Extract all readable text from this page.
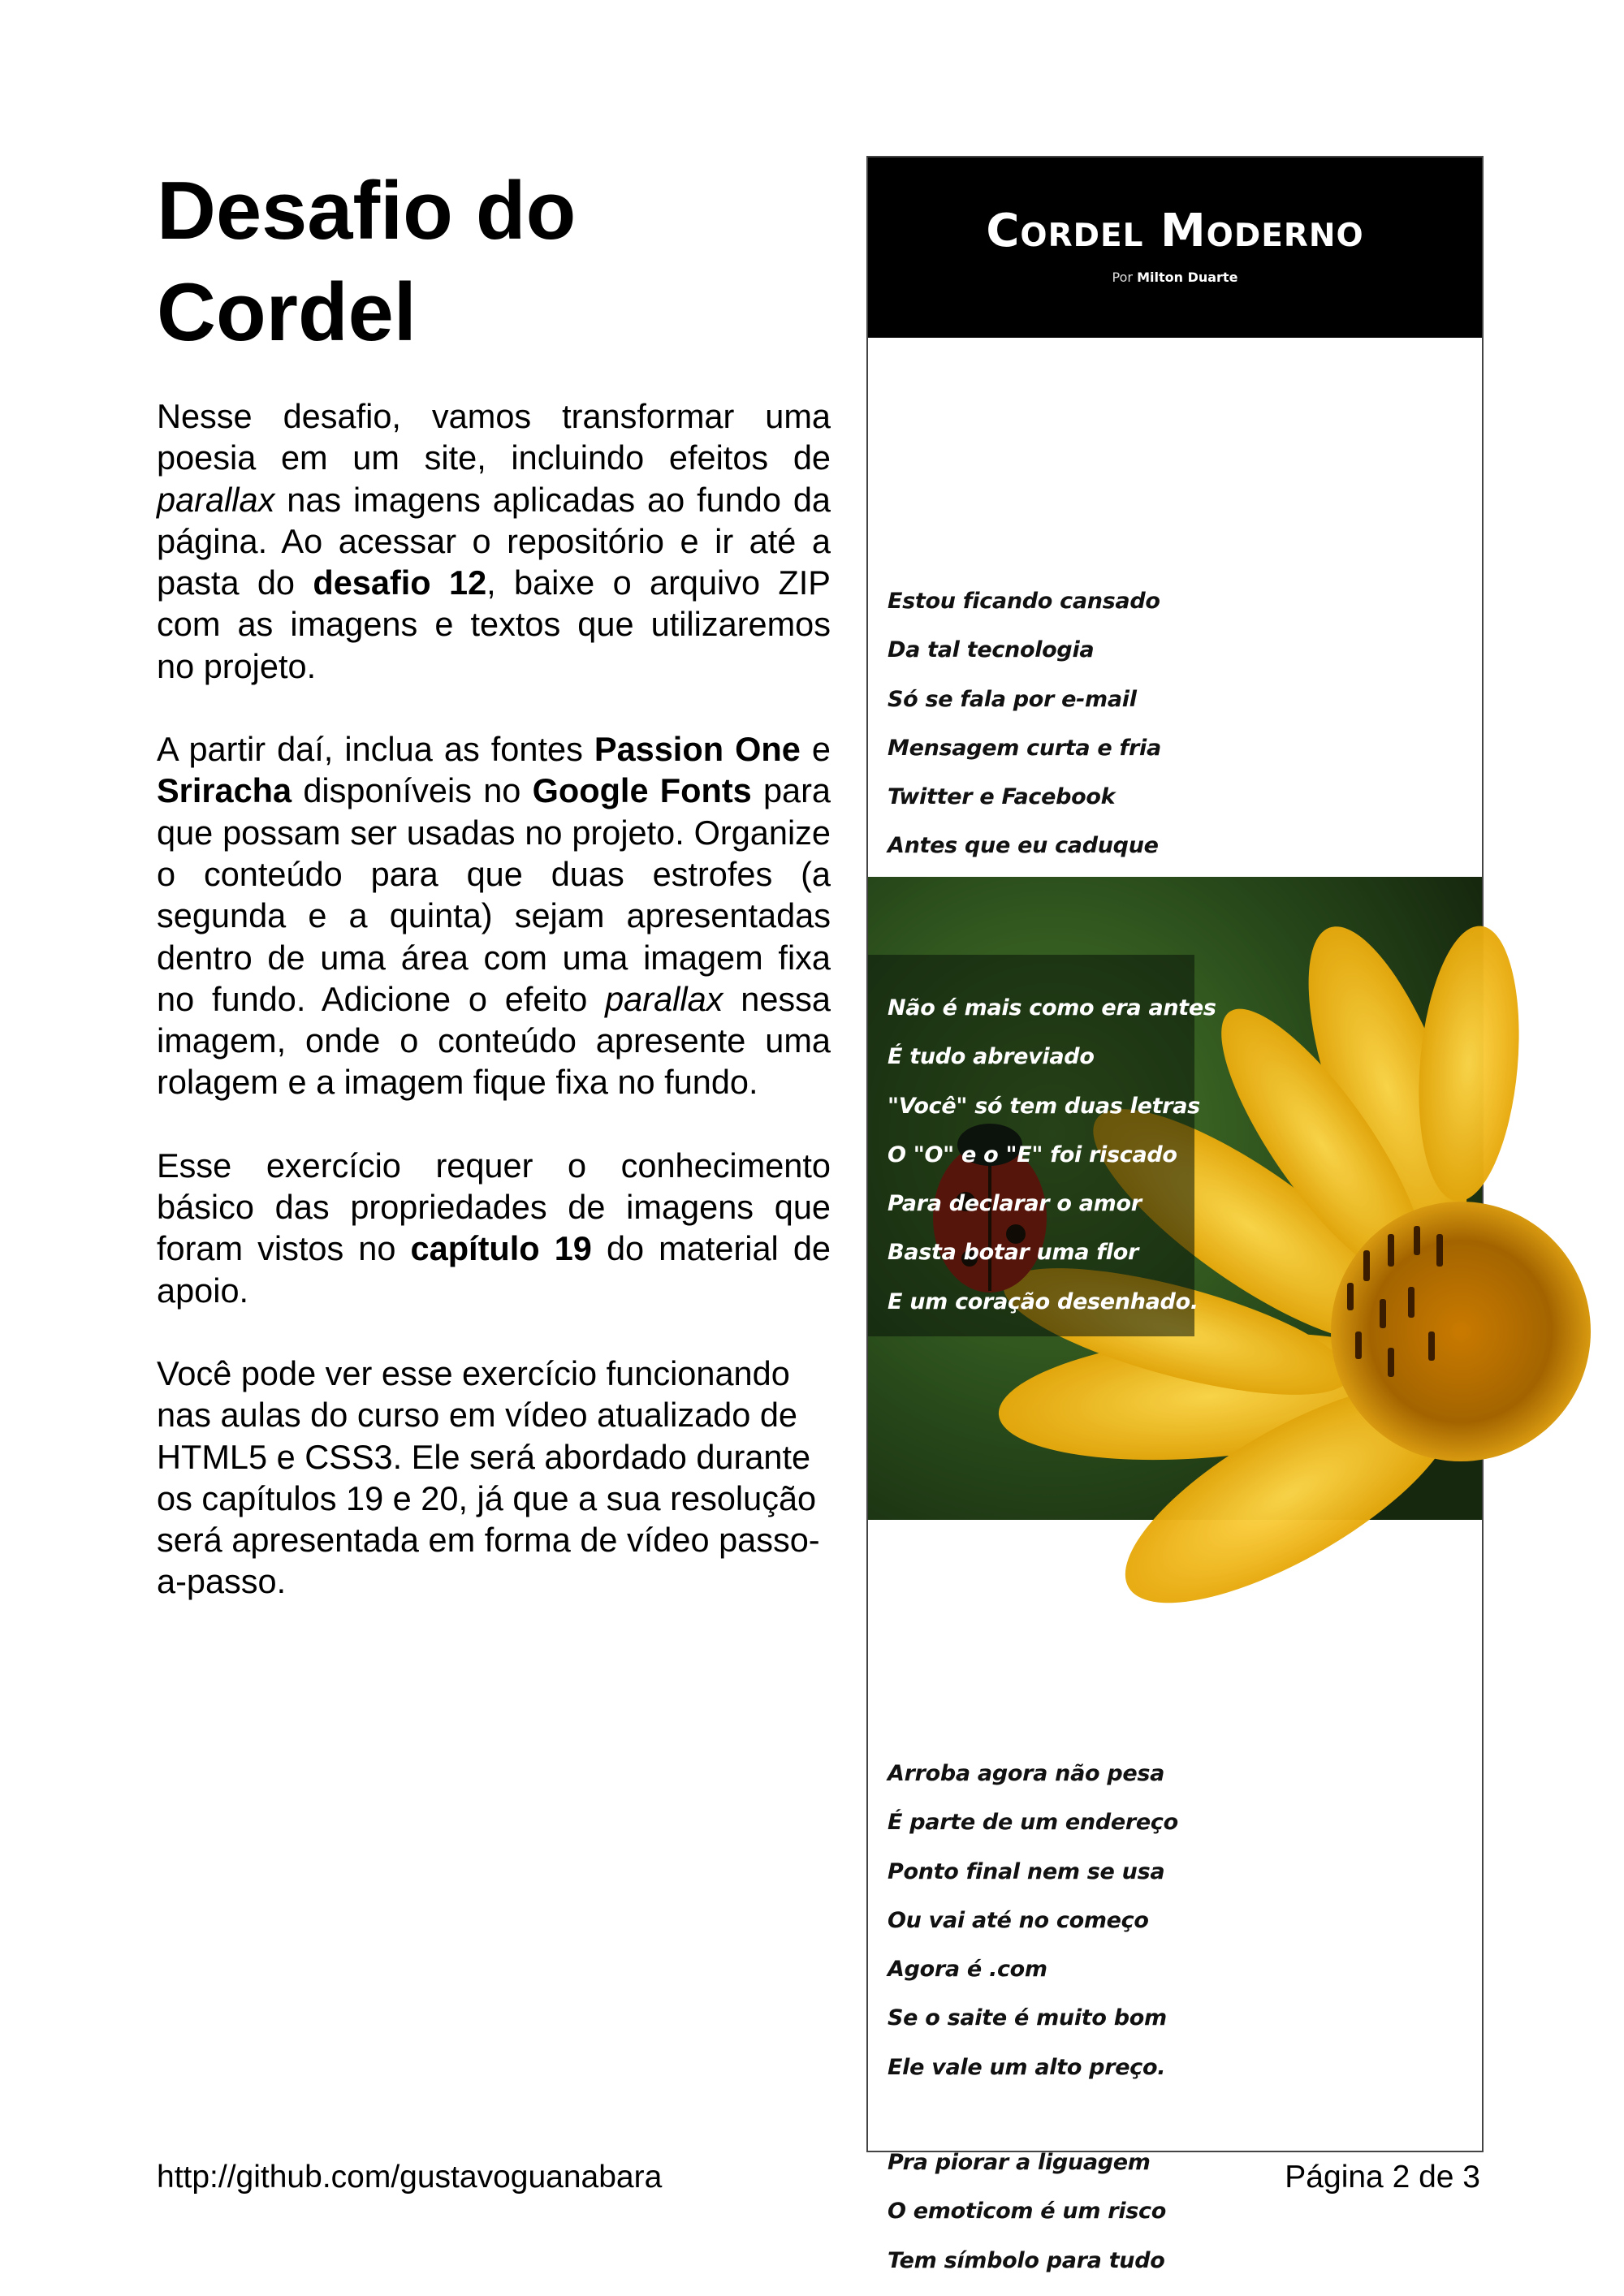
Desafio do
Cordel

Nesse desafio, vamos transformar uma poesia em um site, incluindo efeitos de parallax nas imagens aplicadas ao fundo da página. Ao acessar o repositório e ir até a pasta do desafio 12, baixe o arquivo ZIP com as imagens e textos que utilizaremos no projeto.

A partir daí, inclua as fontes Passion One e Sriracha disponíveis no Google Fonts para que possam ser usadas no projeto. Organize o conteúdo para que duas estrofes (a segunda e a quinta) sejam apresentadas dentro de uma área com uma imagem fixa no fundo. Adicione o efeito parallax nessa imagem, onde o conteúdo apresente uma rolagem e a imagem fique fixa no fundo.

Esse exercício requer o conhecimento básico das propriedades de imagens que foram vistos no capítulo 19 do material de apoio.

Você pode ver esse exercício funcionando nas aulas do curso em vídeo atualizado de HTML5 e CSS3. Ele será abordado durante os capítulos 19 e 20, já que a sua resolução será apresentada em forma de vídeo passo-a-passo.

Cordel Moderno
Por Milton Duarte
Estou ficando cansado
Da tal tecnologia
Só se fala por e-mail
Mensagem curta e fria
Twitter e Facebook
Antes que eu caduque
Não é mais como era antes
É tudo abreviado
"Você" só tem duas letras
O "O" e o "E" foi riscado
Para declarar o amor
Basta botar uma flor
E um coração desenhado.
Arroba agora não pesa
É parte de um endereço
Ponto final nem se usa
Ou vai até no começo
Agora é .com
Se o saite é muito bom
Ele vale um alto preço.
Pra piorar a liguagem
O emoticom é um risco
Tem símbolo para tudo
http://github.com/gustavoguanabara	Página 2 de 3
